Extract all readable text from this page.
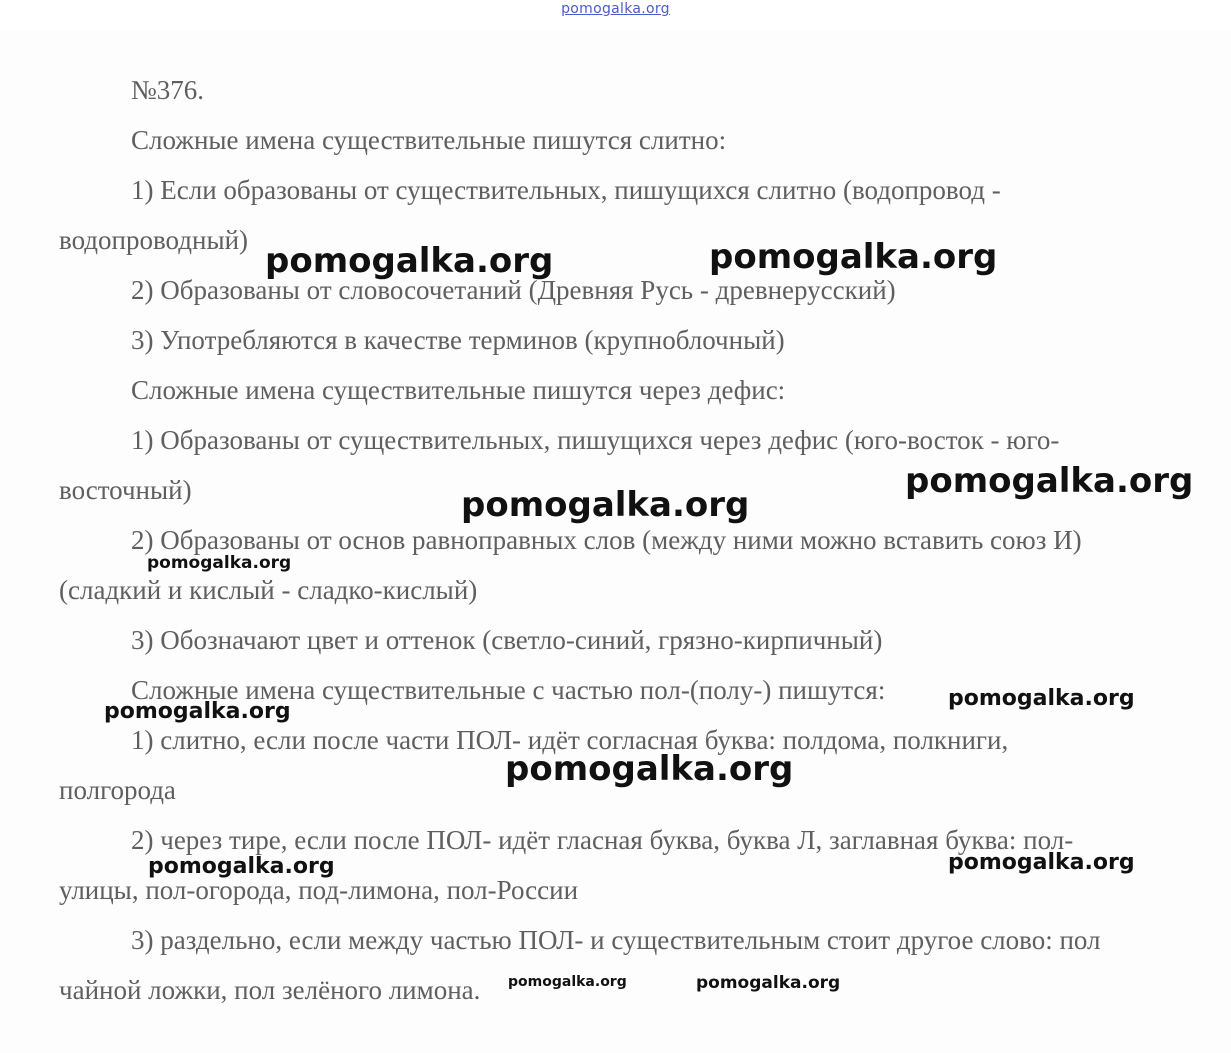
pomogalka.org

№376.

Сложные имена существительные пишутся слитно:

1) Если образованы от существительных, пишущихся слитно (водопровод -

водопроводный)

2) Образованы от словосочетаний (Древняя Русь - древнерусский)

3) Употребляются в качестве терминов (крупноблочный)

Сложные имена существительные пишутся через дефис:

1) Образованы от существительных, пишущихся через дефис (юго-восток - юго-

восточный)

2) Образованы от основ равноправных слов (между ними можно вставить союз И)

(сладкий и кислый - сладко-кислый)

3) Обозначают цвет и оттенок (светло-синий, грязно-кирпичный)

Сложные имена существительные с частью пол-(полу-) пишутся:

1) слитно, если после части ПОЛ- идёт согласная буква: полдома, полкниги,

полгорода

2) через тире, если после ПОЛ- идёт гласная буква, буква Л, заглавная буква: пол-

улицы, пол-огорода, под-лимона, пол-России

3) раздельно, если между частью ПОЛ- и существительным стоит другое слово: пол

чайной ложки, пол зелёного лимона.

pomogalka.org	pomogalka.org
pomogalka.org
pomogalka.org
pomogalka.org
pomogalka.org
pomogalka.org
pomogalka.org
pomogalka.org
pomogalka.org
pomogalka.org	pomogalka.org
